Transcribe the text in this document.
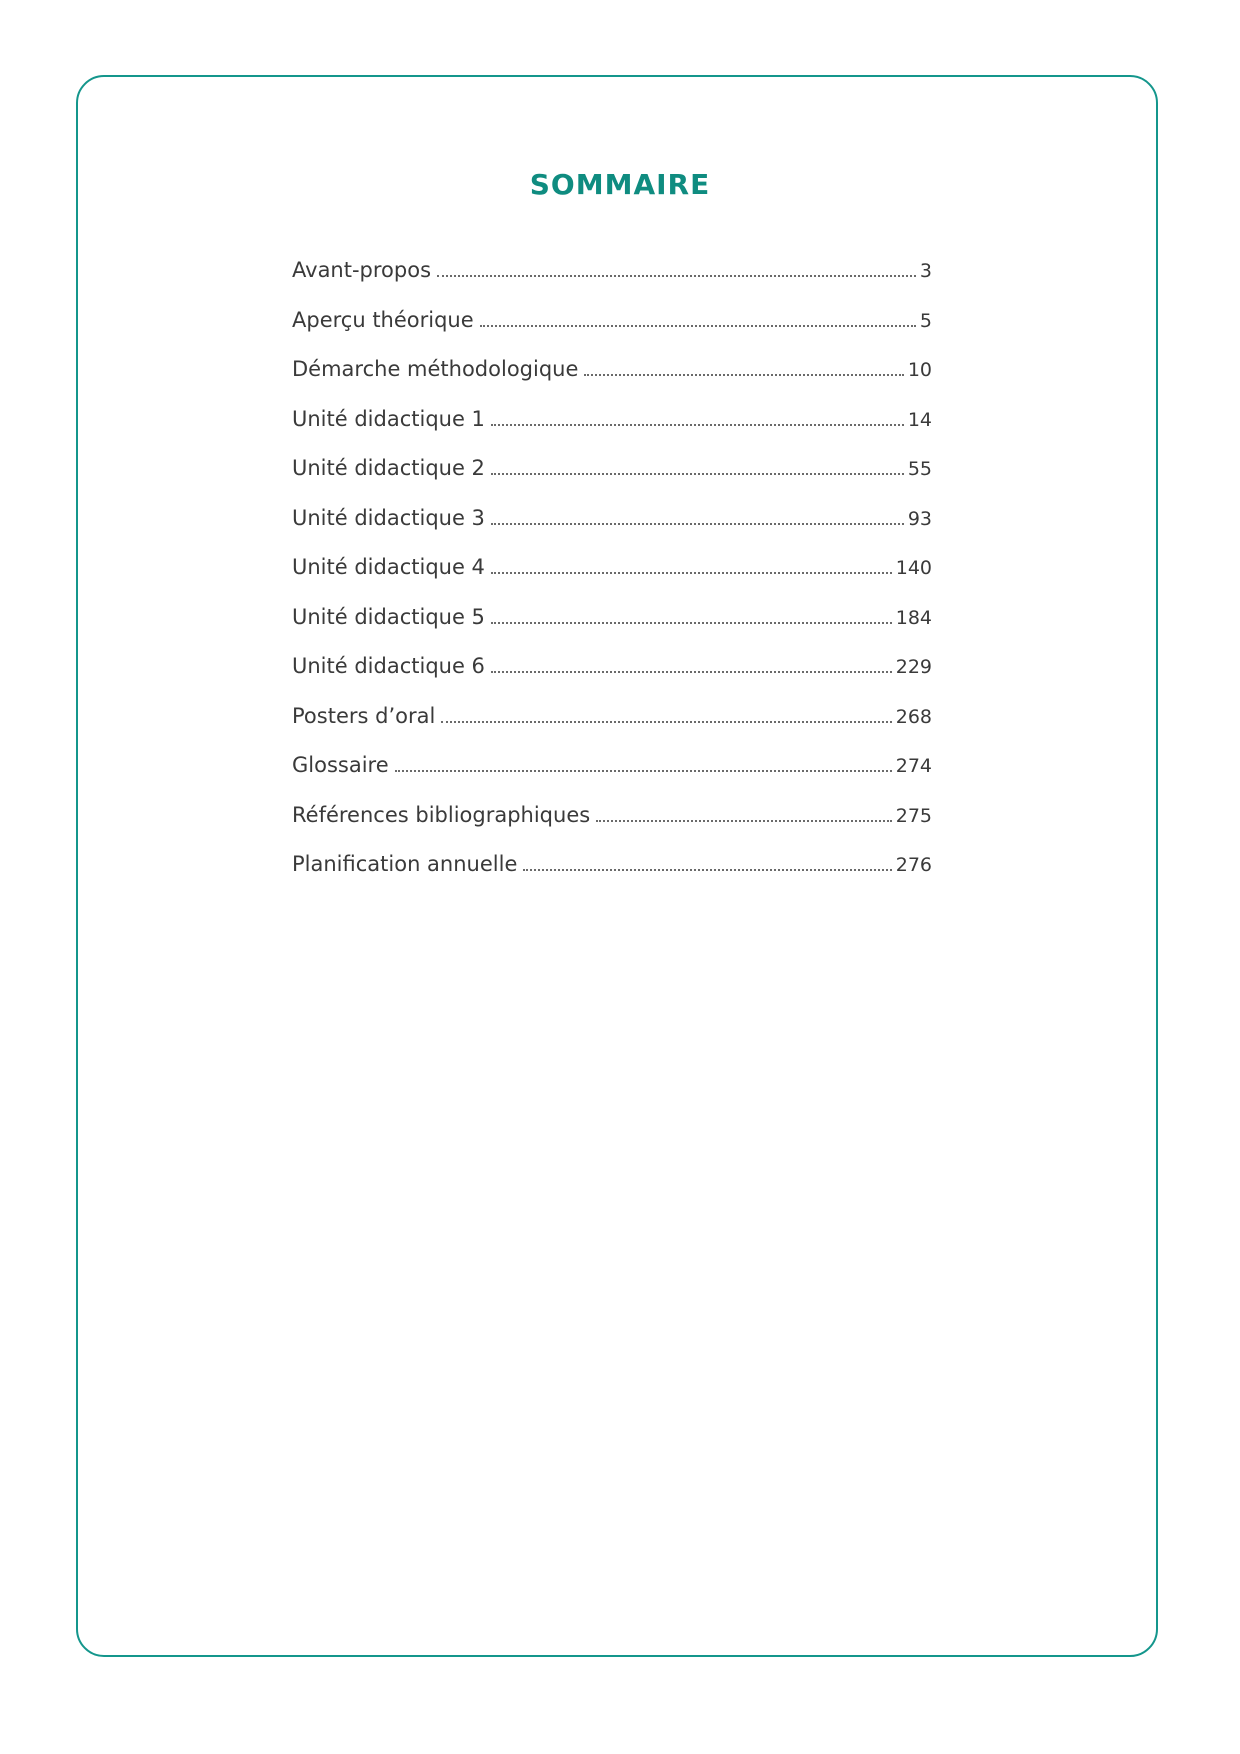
SOMMAIRE
Avant-propos	3
Aperçu théorique	5
Démarche méthodologique	10
Unité didactique 1	14
Unité didactique 2	55
Unité didactique 3	93
Unité didactique 4	140
Unité didactique 5	184
Unité didactique 6	229
Posters d’oral	268
Glossaire	274
Références bibliographiques	275
Planification annuelle	276
